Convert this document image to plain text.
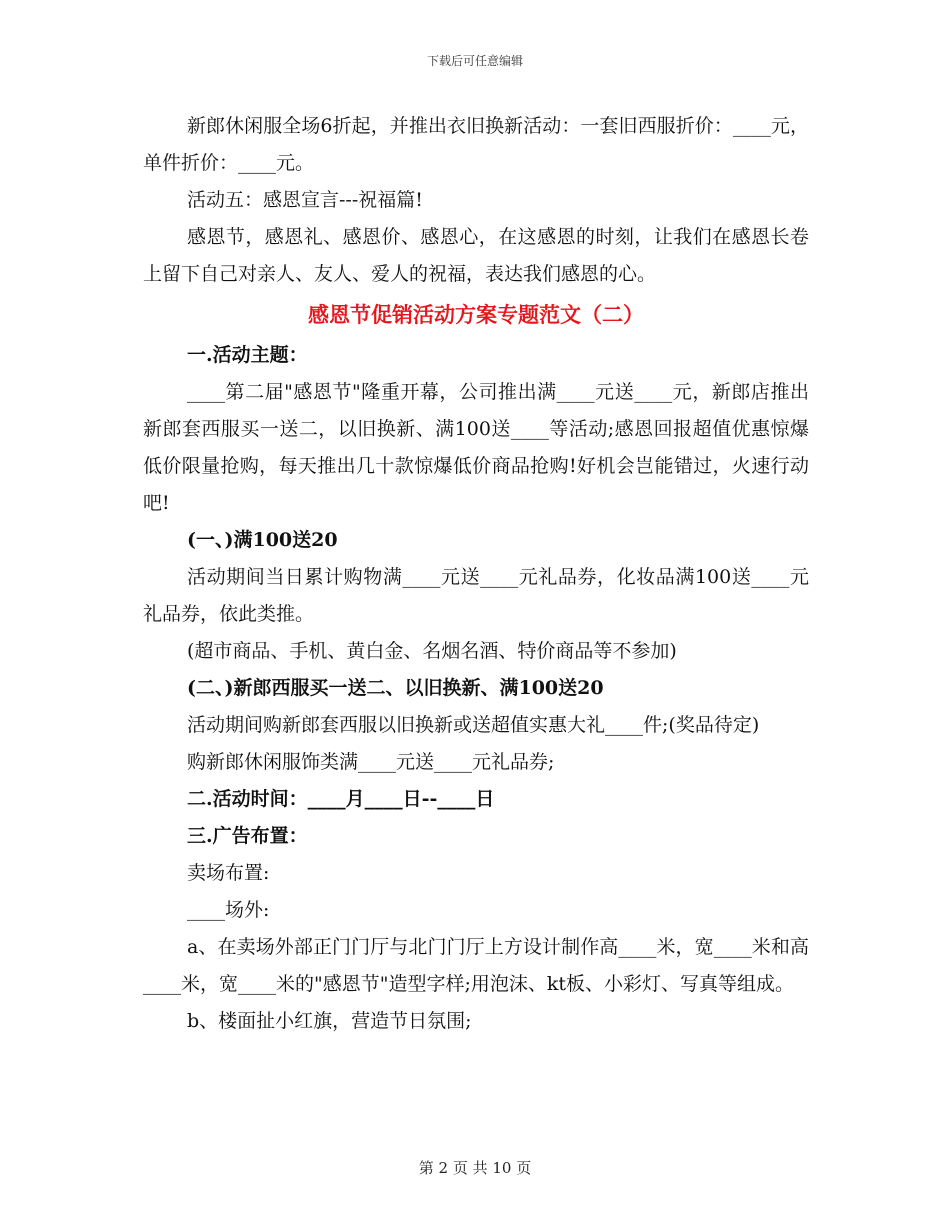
下载后可任意编辑

新郎休闲服全场6折起，并推出衣旧换新活动：一套旧西服折价：____元，单件折价：____元。

活动五：感恩宣言---祝福篇!

感恩节，感恩礼、感恩价、感恩心，在这感恩的时刻，让我们在感恩长卷上留下自己对亲人、友人、爱人的祝福，表达我们感恩的心。

感恩节促销活动方案专题范文（二）

一.活动主题：

____第二届"感恩节"隆重开幕，公司推出满____元送____元，新郎店推出新郎套西服买一送二，以旧换新、满100送____等活动;感恩回报超值优惠惊爆低价限量抢购，每天推出几十款惊爆低价商品抢购!好机会岂能错过，火速行动吧!

(一、)满100送20

活动期间当日累计购物满____元送____元礼品券，化妆品满100送____元礼品券，依此类推。

(超市商品、手机、黄白金、名烟名酒、特价商品等不参加)

(二、)新郎西服买一送二、以旧换新、满100送20

活动期间购新郎套西服以旧换新或送超值实惠大礼____件;(奖品待定)

购新郎休闲服饰类满____元送____元礼品券;

二.活动时间：____月____日--____日

三.广告布置：

卖场布置:

____场外:

a、在卖场外部正门门厅与北门门厅上方设计制作高____米，宽____米和高____米，宽____米的"感恩节"造型字样;用泡沫、kt板、小彩灯、写真等组成。

b、楼面扯小红旗，营造节日氛围;

第 2 页 共 10 页
